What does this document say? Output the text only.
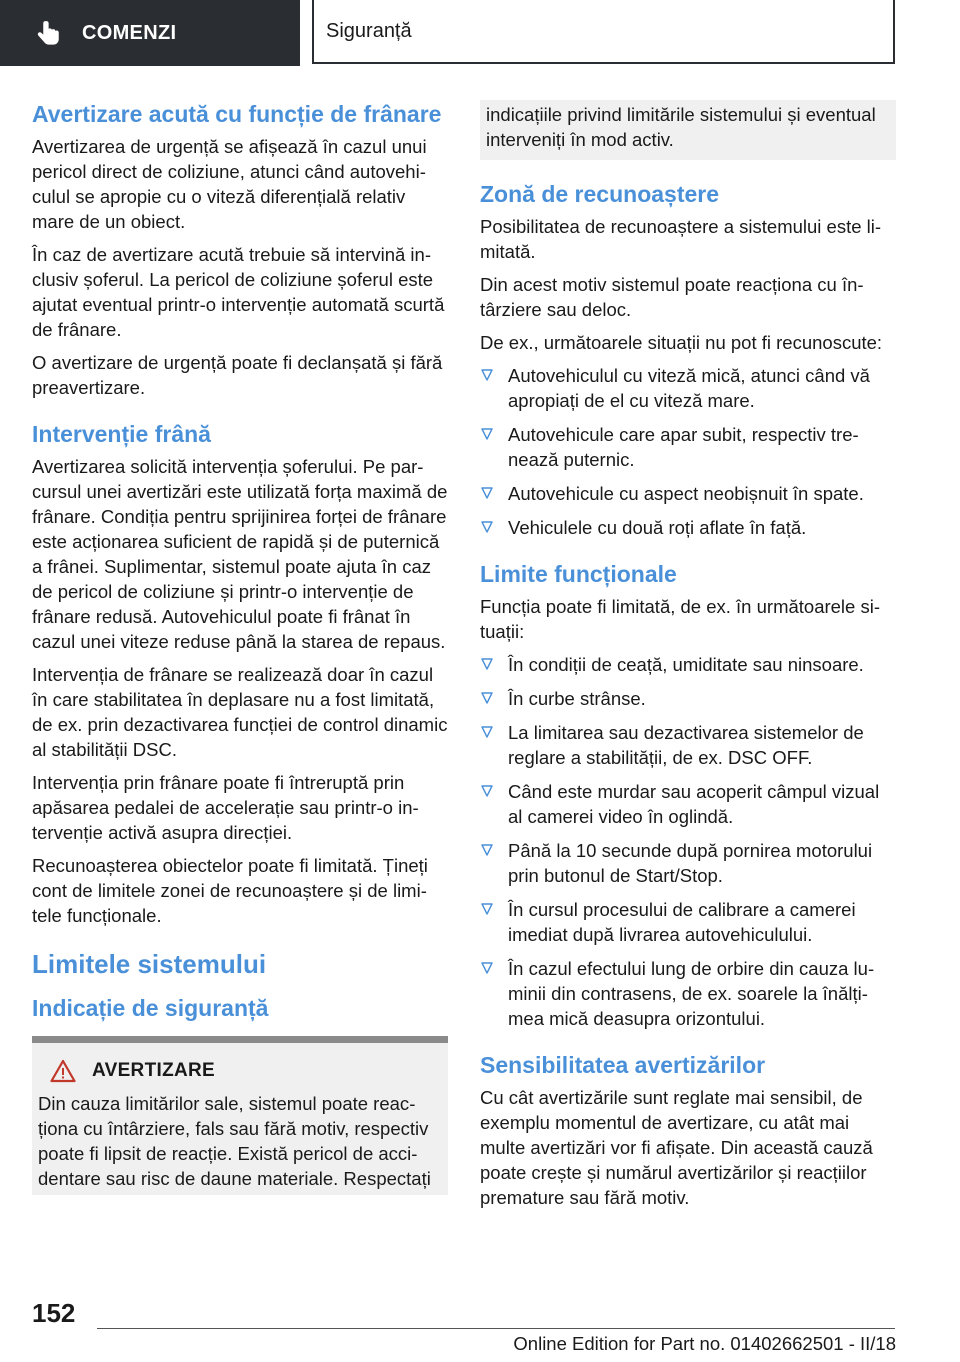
COMENZI	Siguranță
Avertizare acută cu funcție de frânare

Avertizarea de urgență se afișează în cazul unui pericol direct de coliziune, atunci când autovehiculul se apropie cu o viteză diferențială relativ mare de un obiect.

În caz de avertizare acută trebuie să intervină inclusiv șoferul. La pericol de coliziune șoferul este ajutat eventual printr-o intervenție automată scurtă de frânare.

O avertizare de urgență poate fi declanșată și fără preavertizare.

Intervenție frână

Avertizarea solicită intervenția șoferului. Pe parcursul unei avertizări este utilizată forța maximă de frânare. Condiția pentru sprijinirea forței de frânare este acționarea suficient de rapidă și de puternică a frânei. Suplimentar, sistemul poate ajuta în caz de pericol de coliziune și printr-o intervenție de frânare redusă. Autovehiculul poate fi frânat în cazul unei viteze reduse până la starea de repaus.

Intervenția de frânare se realizează doar în cazul în care stabilitatea în deplasare nu a fost limitată, de ex. prin dezactivarea funcției de control dinamic al stabilității DSC.

Intervenția prin frânare poate fi întreruptă prin apăsarea pedalei de accelerație sau printr-o intervenție activă asupra direcției.

Recunoașterea obiectelor poate fi limitată. Țineți cont de limitele zonei de recunoaștere și de limitele funcționale.

Limitele sistemului
Indicație de siguranță
AVERTIZARE

Din cauza limitărilor sale, sistemul poate reacționa cu întârziere, fals sau fără motiv, respectiv poate fi lipsit de reacție. Există pericol de accidentare sau risc de daune materiale. Respectați

indicațiile privind limitările sistemului și eventual interveniți în mod activ.

Zonă de recunoaștere

Posibilitatea de recunoaștere a sistemului este limitată.

Din acest motiv sistemul poate reacționa cu întârziere sau deloc.

De ex., următoarele situații nu pot fi recunoscute:

Autovehiculul cu viteză mică, atunci când vă apropiați de el cu viteză mare.
Autovehicule care apar subit, respectiv trenează puternic.
Autovehicule cu aspect neobișnuit în spate.
Vehiculele cu două roți aflate în față.
Limite funcționale

Funcția poate fi limitată, de ex. în următoarele situații:

În condiții de ceață, umiditate sau ninsoare.
În curbe strânse.
La limitarea sau dezactivarea sistemelor de reglare a stabilității, de ex. DSC OFF.
Când este murdar sau acoperit câmpul vizual al camerei video în oglindă.
Până la 10 secunde după pornirea motorului prin butonul de Start/Stop.
În cursul procesului de calibrare a camerei imediat după livrarea autovehiculului.
În cazul efectului lung de orbire din cauza luminii din contrasens, de ex. soarele la înălțimea mică deasupra orizontului.
Sensibilitatea avertizărilor

Cu cât avertizările sunt reglate mai sensibil, de exemplu momentul de avertizare, cu atât mai multe avertizări vor fi afișate. Din această cauză poate crește și numărul avertizărilor și reacțiilor premature sau fără motiv.

152
Online Edition for Part no. 01402662501 - II/18
